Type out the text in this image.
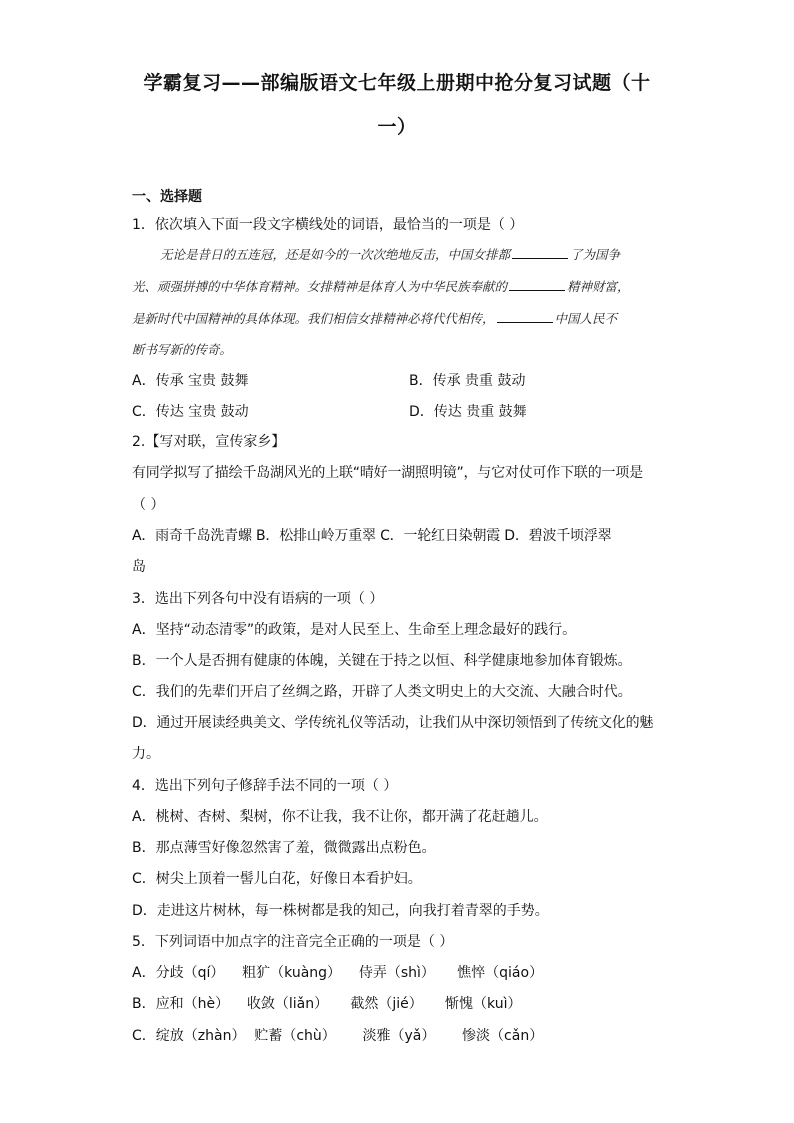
学霸复习——部编版语文七年级上册期中抢分复习试题（十
一）
一、选择题
1．依次填入下面一段文字横线处的词语，最恰当的一项是（ ）
无论是昔日的五连冠，还是如今的一次次绝地反击，中国女排都	了为国争
光、顽强拼搏的中华体育精神。女排精神是体育人为中华民族奉献的	精神财富，
是新时代中国精神的具体体现。我们相信女排精神必将代代相传，	中国人民不
断书写新的传奇。
A．传承 宝贵 鼓舞	B．传承 贵重 鼓动
C．传达 宝贵 鼓动	D．传达 贵重 鼓舞
2.【写对联，宣传家乡】
有同学拟写了描绘千岛湖风光的上联“晴好一湖照明镜”，与它对仗可作下联的一项是
（ ）
A．雨奇千岛洗青螺 B．松排山岭万重翠 C．一轮红日染朝霞 D．碧波千顷浮翠
岛
3．选出下列各句中没有语病的一项（ ）
A．坚持“动态清零”的政策，是对人民至上、生命至上理念最好的践行。
B．一个人是否拥有健康的体魄，关键在于持之以恒、科学健康地参加体育锻炼。
C．我们的先辈们开启了丝绸之路，开辟了人类文明史上的大交流、大融合时代。
D．通过开展读经典美文、学传统礼仪等活动，让我们从中深切领悟到了传统文化的魅
力。
4．选出下列句子修辞手法不同的一项（ ）
A．桃树、杏树、梨树，你不让我，我不让你，都开满了花赶趟儿。
B．那点薄雪好像忽然害了羞，微微露出点粉色。
C．树尖上顶着一髻儿白花，好像日本看护妇。
D．走进这片树林，每一株树都是我的知己，向我打着青翠的手势。
5．下列词语中加点字的注音完全正确的一项是（ ）
A．分歧（qí）    粗犷（kuàng）    侍弄（shì）     憔悴（qiáo）
B．应和（hè）    收敛（liǎn）     截然（jié）     惭愧（kuì）
C．绽放（zhàn）  贮蓄（chù）      淡雅（yǎ）      惨淡（cǎn）
